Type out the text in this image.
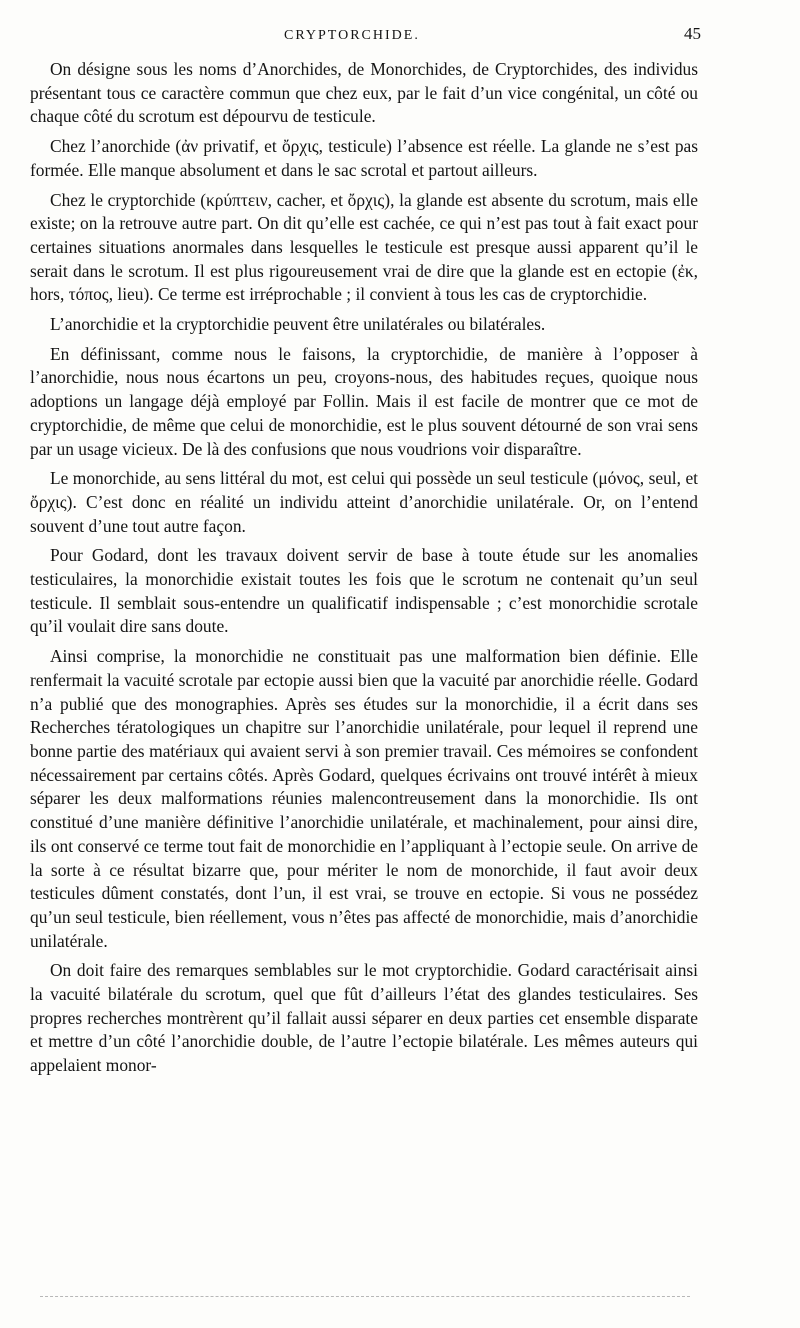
CRYPTORCHIDE.	45

On désigne sous les noms d’Anorchides, de Monorchides, de Cryptorchides, des individus présentant tous ce caractère commun que chez eux, par le fait d’un vice congénital, un côté ou chaque côté du scrotum est dépourvu de testicule.

Chez l’anorchide (ἀν privatif, et ὄρχις, testicule) l’absence est réelle. La glande ne s’est pas formée. Elle manque absolument et dans le sac scrotal et partout ailleurs.

Chez le cryptorchide (κρύπτειν, cacher, et ὄρχις), la glande est absente du scrotum, mais elle existe; on la retrouve autre part. On dit qu’elle est cachée, ce qui n’est pas tout à fait exact pour certaines situations anormales dans lesquelles le testicule est presque aussi apparent qu’il le serait dans le scrotum. Il est plus rigoureusement vrai de dire que la glande est en ectopie (ἐκ, hors, τόπος, lieu). Ce terme est irréprochable ; il convient à tous les cas de cryptorchidie.

L’anorchidie et la cryptorchidie peuvent être unilatérales ou bilatérales.

En définissant, comme nous le faisons, la cryptorchidie, de manière à l’opposer à l’anorchidie, nous nous écartons un peu, croyons-nous, des habitudes reçues, quoique nous adoptions un langage déjà employé par Follin. Mais il est facile de montrer que ce mot de cryptorchidie, de même que celui de monorchidie, est le plus souvent détourné de son vrai sens par un usage vicieux. De là des confusions que nous voudrions voir disparaître.

Le monorchide, au sens littéral du mot, est celui qui possède un seul testicule (μόνος, seul, et ὄρχις). C’est donc en réalité un individu atteint d’anorchidie unilatérale. Or, on l’entend souvent d’une tout autre façon.

Pour Godard, dont les travaux doivent servir de base à toute étude sur les anomalies testiculaires, la monorchidie existait toutes les fois que le scrotum ne contenait qu’un seul testicule. Il semblait sous-entendre un qualificatif indispensable ; c’est monorchidie scrotale qu’il voulait dire sans doute.

Ainsi comprise, la monorchidie ne constituait pas une malformation bien définie. Elle renfermait la vacuité scrotale par ectopie aussi bien que la vacuité par anorchidie réelle. Godard n’a publié que des monographies. Après ses études sur la monorchidie, il a écrit dans ses Recherches tératologiques un chapitre sur l’anorchidie unilatérale, pour lequel il reprend une bonne partie des matériaux qui avaient servi à son premier travail. Ces mémoires se confondent nécessairement par certains côtés. Après Godard, quelques écrivains ont trouvé intérêt à mieux séparer les deux malformations réunies malencontreusement dans la monorchidie. Ils ont constitué d’une manière définitive l’anorchidie unilatérale, et machinalement, pour ainsi dire, ils ont conservé ce terme tout fait de monorchidie en l’appliquant à l’ectopie seule. On arrive de la sorte à ce résultat bizarre que, pour mériter le nom de monorchide, il faut avoir deux testicules dûment constatés, dont l’un, il est vrai, se trouve en ectopie. Si vous ne possédez qu’un seul testicule, bien réellement, vous n’êtes pas affecté de monorchidie, mais d’anorchidie unilatérale.

On doit faire des remarques semblables sur le mot cryptorchidie. Godard caractérisait ainsi la vacuité bilatérale du scrotum, quel que fût d’ailleurs l’état des glandes testiculaires. Ses propres recherches montrèrent qu’il fallait aussi séparer en deux parties cet ensemble disparate et mettre d’un côté l’anorchidie double, de l’autre l’ectopie bilatérale. Les mêmes auteurs qui appelaient monor-
